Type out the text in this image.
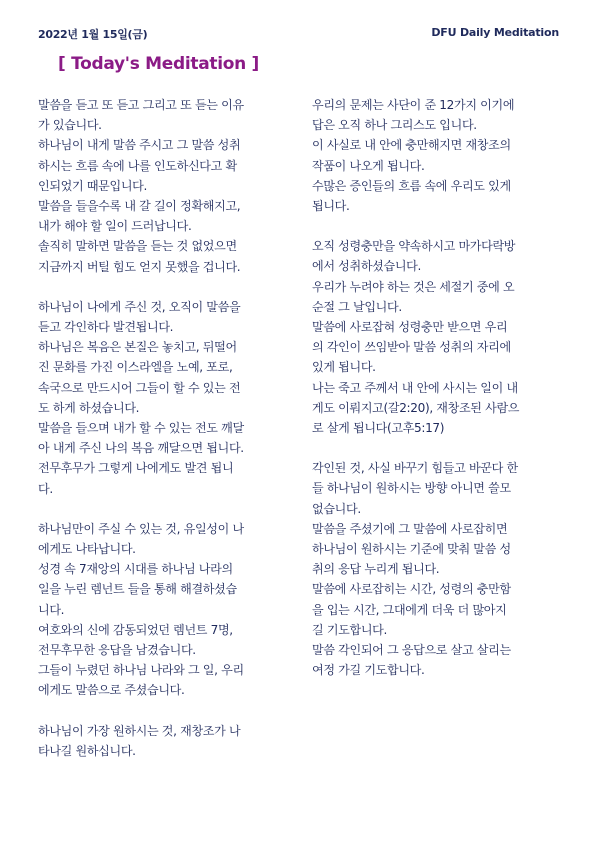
2022년 1월 15일(금)	DFU Daily Meditation
[ Today's Meditation ]
말씀을 듣고 또 듣고 그리고 또 듣는 이유
가 있습니다.
하나님이 내게 말씀 주시고 그 말씀 성취
하시는 흐름 속에 나를 인도하신다고 확
인되었기 때문입니다.
말씀을 들을수록 내 갈 길이 정확해지고,
내가 해야 할 일이 드러납니다.
솔직히 말하면 말씀을 듣는 것 없었으면
지금까지 버틸 힘도 얻지 못했을 겁니다.
하나님이 나에게 주신 것, 오직이 말씀을
듣고 각인하다 발견됩니다.
하나님은 복음은 본질은 놓치고, 뒤떨어
진 문화를 가진 이스라엘을 노예, 포로,
속국으로 만드시어 그들이 할 수 있는 전
도 하게 하셨습니다.
말씀을 들으며 내가 할 수 있는 전도 깨달
아 내게 주신 나의 복음 깨달으면 됩니다.
전무후무가 그렇게 나에게도 발견 됩니
다.
하나님만이 주실 수 있는 것, 유일성이 나
에게도 나타납니다.
성경 속 7재앙의 시대를 하나님 나라의
일을 누린 렘넌트 들을 통해 해결하셨습
니다.
여호와의 신에 감동되었던 렘넌트 7명,
전무후무한 응답을 남겼습니다.
그들이 누렸던 하나님 나라와 그 일, 우리
에게도 말씀으로 주셨습니다.
하나님이 가장 원하시는 것, 재창조가 나
타나길 원하십니다.
우리의 문제는 사단이 준 12가지 이기에
답은 오직 하나 그리스도 입니다.
이 사실로 내 안에 충만해지면 재창조의
작품이 나오게 됩니다.
수많은 증인들의 흐름 속에 우리도 있게
됩니다.
오직 성령충만을 약속하시고 마가다락방
에서 성취하셨습니다.
우리가 누려야 하는 것은 세절기 중에 오
순절 그 날입니다.
말씀에 사로잡혀 성령충만 받으면 우리
의 각인이 쓰임받아 말씀 성취의 자리에
있게 됩니다.
나는 죽고 주께서 내 안에 사시는 일이 내
게도 이뤄지고(갈2:20), 재창조된 사람으
로 살게 됩니다(고후5:17)
각인된 것, 사실 바꾸기 힘들고 바꾼다 한
들 하나님이 원하시는 방향 아니면 쓸모
없습니다.
말씀을 주셨기에 그 말씀에 사로잡히면
하나님이 원하시는 기준에 맞춰 말씀 성
취의 응답 누리게 됩니다.
말씀에 사로잡히는 시간, 성령의 충만함
을 입는 시간, 그대에게 더욱 더 많아지
길 기도합니다.
말씀 각인되어 그 응답으로 살고 살리는
여정 가길 기도합니다.
